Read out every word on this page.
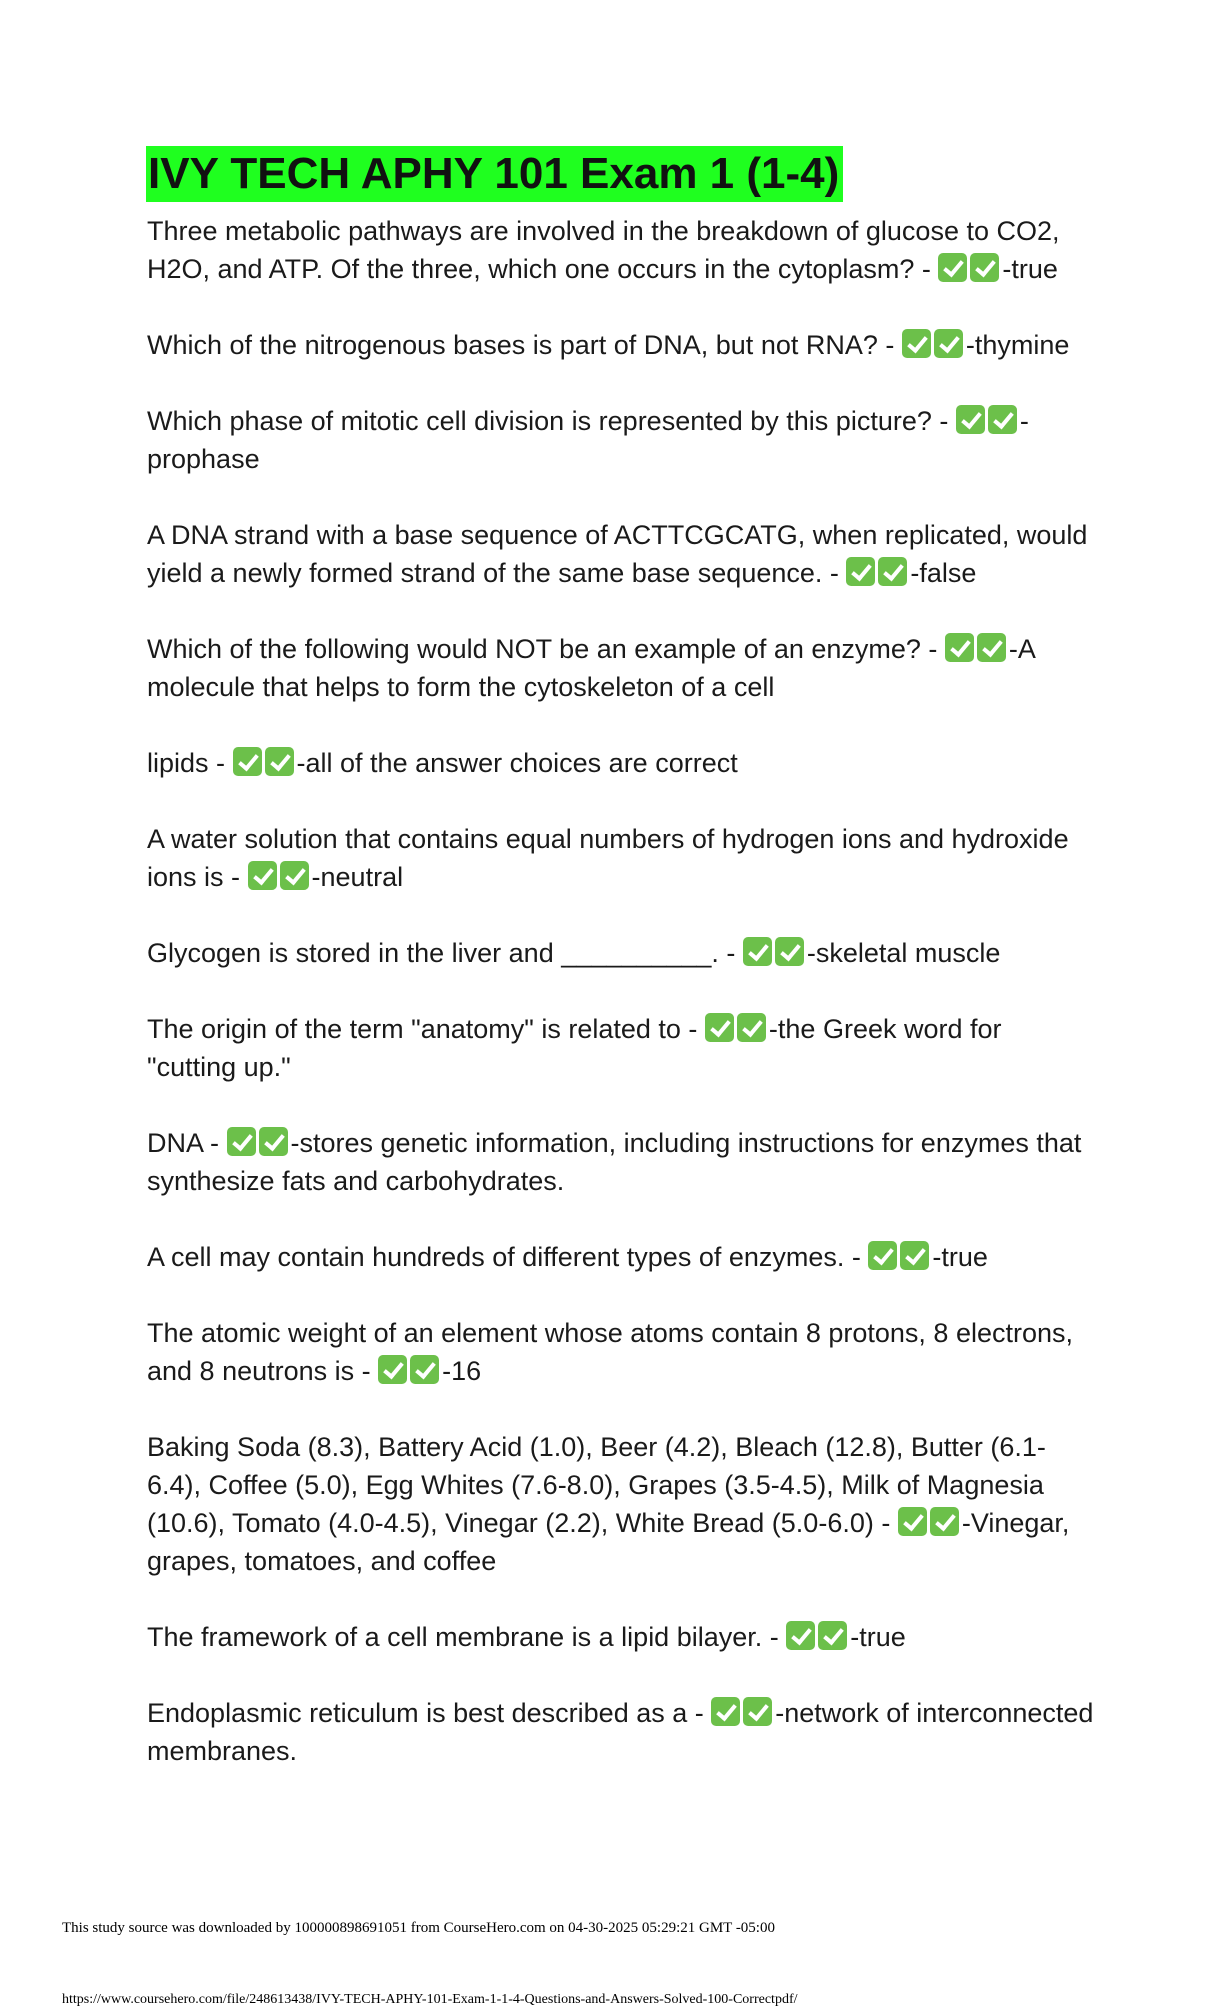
IVY TECH APHY 101 Exam 1 (1-4)
Three metabolic pathways are involved in the breakdown of glucose to CO2, H2O, and ATP. Of the three, which one occurs in the cytoplasm? - -true
Which of the nitrogenous bases is part of DNA, but not RNA? - -thymine
Which phase of mitotic cell division is represented by this picture? - -prophase
A DNA strand with a base sequence of ACTTCGCATG, when replicated, would yield a newly formed strand of the same base sequence. - -false
Which of the following would NOT be an example of an enzyme? - -A molecule that helps to form the cytoskeleton of a cell
lipids - -all of the answer choices are correct
A water solution that contains equal numbers of hydrogen ions and hydroxide ions is - -neutral
Glycogen is stored in the liver and __________. - -skeletal muscle
The origin of the term "anatomy" is related to - -the Greek word for "cutting up."
DNA - -stores genetic information, including instructions for enzymes that synthesize fats and carbohydrates.
A cell may contain hundreds of different types of enzymes. - -true
The atomic weight of an element whose atoms contain 8 protons, 8 electrons, and 8 neutrons is - -16
Baking Soda (8.3), Battery Acid (1.0), Beer (4.2), Bleach (12.8), Butter (6.1-6.4), Coffee (5.0), Egg Whites (7.6-8.0), Grapes (3.5-4.5), Milk of Magnesia (10.6), Tomato (4.0-4.5), Vinegar (2.2), White Bread (5.0-6.0) - -Vinegar, grapes, tomatoes, and coffee
The framework of a cell membrane is a lipid bilayer. - -true
Endoplasmic reticulum is best described as a - -network of interconnected membranes.
This study source was downloaded by 100000898691051 from CourseHero.com on 04-30-2025 05:29:21 GMT -05:00
https://www.coursehero.com/file/248613438/IVY-TECH-APHY-101-Exam-1-1-4-Questions-and-Answers-Solved-100-Correctpdf/
